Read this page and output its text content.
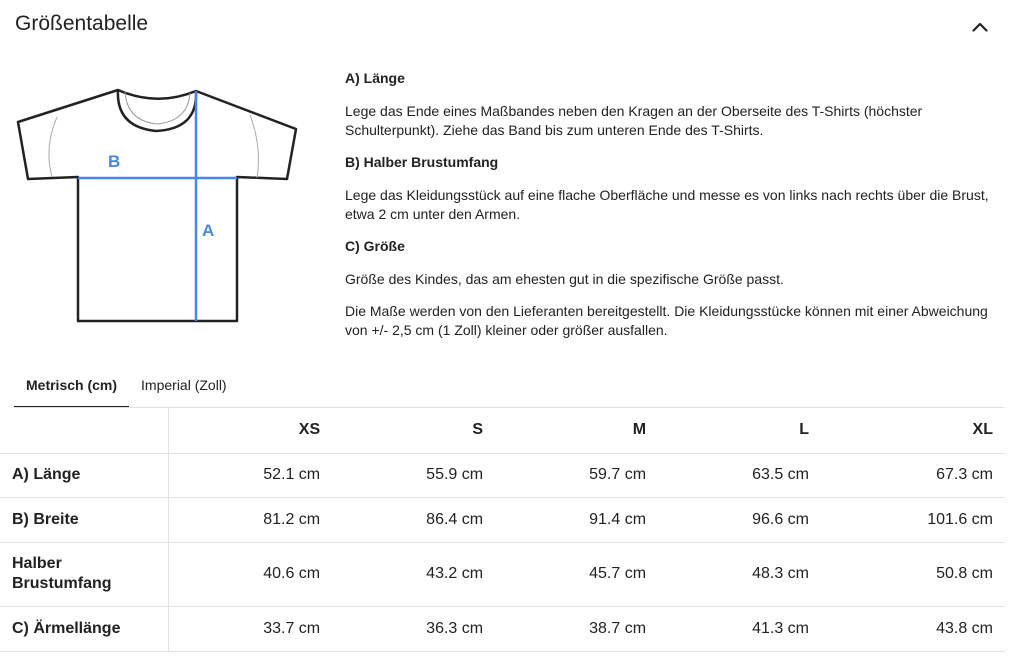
Größentabelle
B
A
A) Länge
Lege das Ende eines Maßbandes neben den Kragen an der Oberseite des T-Shirts (höchster Schulterpunkt). Ziehe das Band bis zum unteren Ende des T-Shirts.
B) Halber Brustumfang
Lege das Kleidungsstück auf eine flache Oberfläche und messe es von links nach rechts über die Brust, etwa 2 cm unter den Armen.
C) Größe
Größe des Kindes, das am ehesten gut in die spezifische Größe passt.
Die Maße werden von den Lieferanten bereitgestellt. Die Kleidungsstücke können mit einer Abweichung von +/- 2,5 cm (1 Zoll) kleiner oder größer ausfallen.
Metrisch (cm)	Imperial (Zoll)
	XS	S	M	L	XL
A) Länge	52.1 cm	55.9 cm	59.7 cm	63.5 cm	67.3 cm
B) Breite	81.2 cm	86.4 cm	91.4 cm	96.6 cm	101.6 cm
Halber Brustumfang	40.6 cm	43.2 cm	45.7 cm	48.3 cm	50.8 cm
C) Ärmellänge	33.7 cm	36.3 cm	38.7 cm	41.3 cm	43.8 cm
